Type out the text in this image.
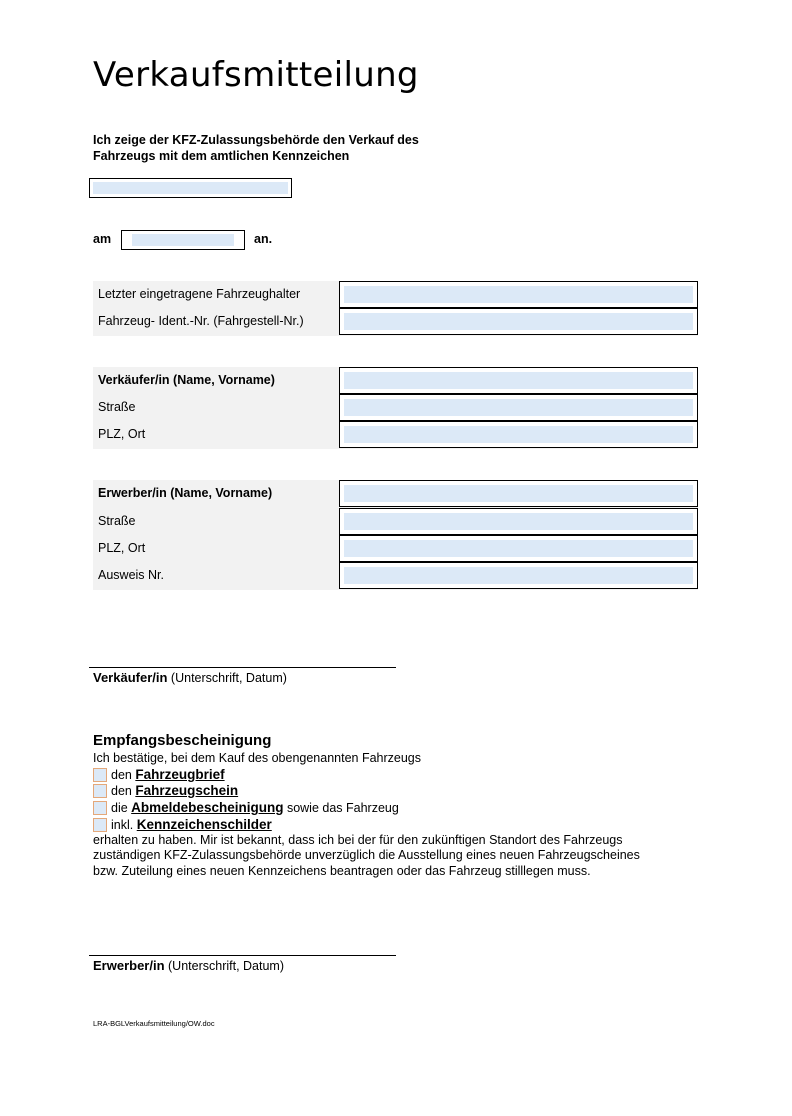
Verkaufsmitteilung
Ich zeige der KFZ-Zulassungsbehörde den Verkauf des
Fahrzeugs mit dem amtlichen Kennzeichen
am	an.
Letzter eingetragene Fahrzeughalter
Fahrzeug- Ident.-Nr. (Fahrgestell-Nr.)
Verkäufer/in (Name, Vorname)
Straße
PLZ, Ort
Erwerber/in (Name, Vorname)
Straße
PLZ, Ort
Ausweis Nr.
Verkäufer/in (Unterschrift, Datum)
Empfangsbescheinigung
Ich bestätige, bei dem Kauf des obengenannten Fahrzeugs
den Fahrzeugbrief
den Fahrzeugschein
die Abmeldebescheinigung sowie das Fahrzeug
inkl. Kennzeichenschilder
erhalten zu haben. Mir ist bekannt, dass ich bei der für den zukünftigen Standort des Fahrzeugs
zuständigen KFZ-Zulassungsbehörde unverzüglich die Ausstellung eines neuen Fahrzeugscheines
bzw. Zuteilung eines neuen Kennzeichens beantragen oder das Fahrzeug stilllegen muss.
Erwerber/in (Unterschrift, Datum)
LRA-BGLVerkaufsmitteilung/OW.doc
